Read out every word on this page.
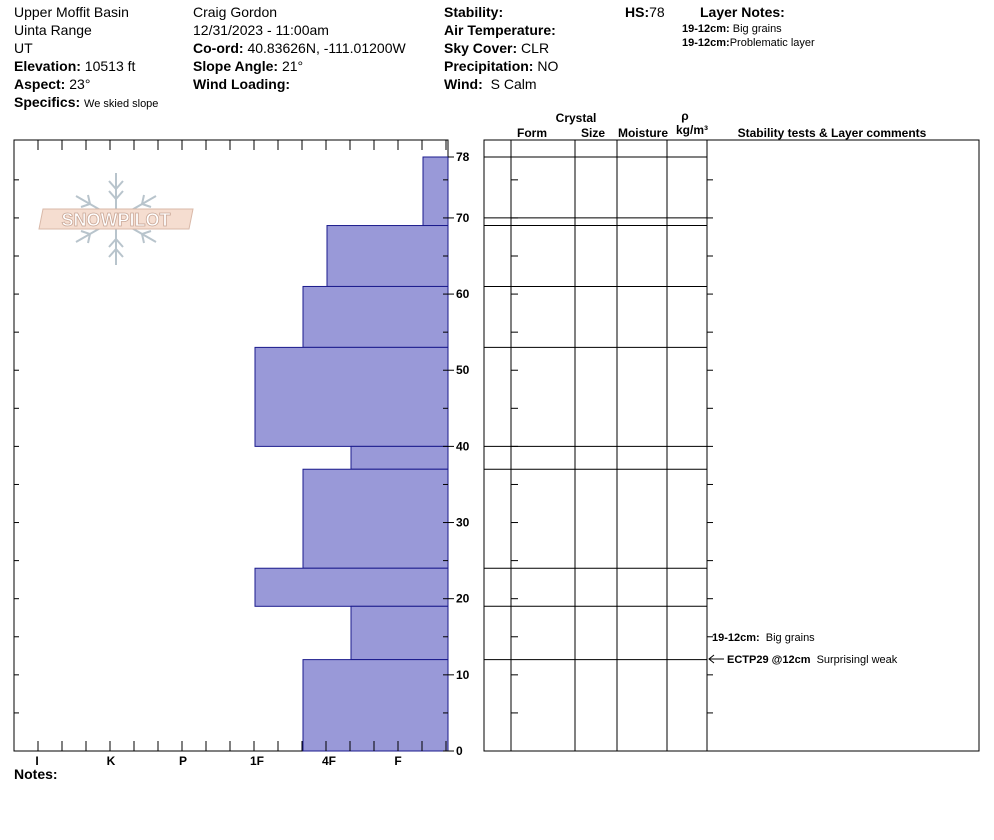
Upper Moffit Basin
Uinta Range
UT
Elevation: 10513 ft
Aspect: 23°
Specifics: We skied slope
Craig Gordon
12/31/2023 - 11:00am
Co-ord: 40.83626N, -111.01200W
Slope Angle: 21°
Wind Loading:
Stability:
Air Temperature:
Sky Cover: CLR
Precipitation: NO
Wind: S Calm
HS:78	Layer Notes:
19-12cm: Big grains
19-12cm:Problematic layer
SNOWPILOT
I	K	P	1F	4F	F
0
10
20
30
40
50
60
70
78
Crystal
Form	Size Moisture
ρ
kg/m³ Stability tests & Layer comments
19-12cm: Big grains
ECTP29 @12cm Surprisingl weak
Notes:
